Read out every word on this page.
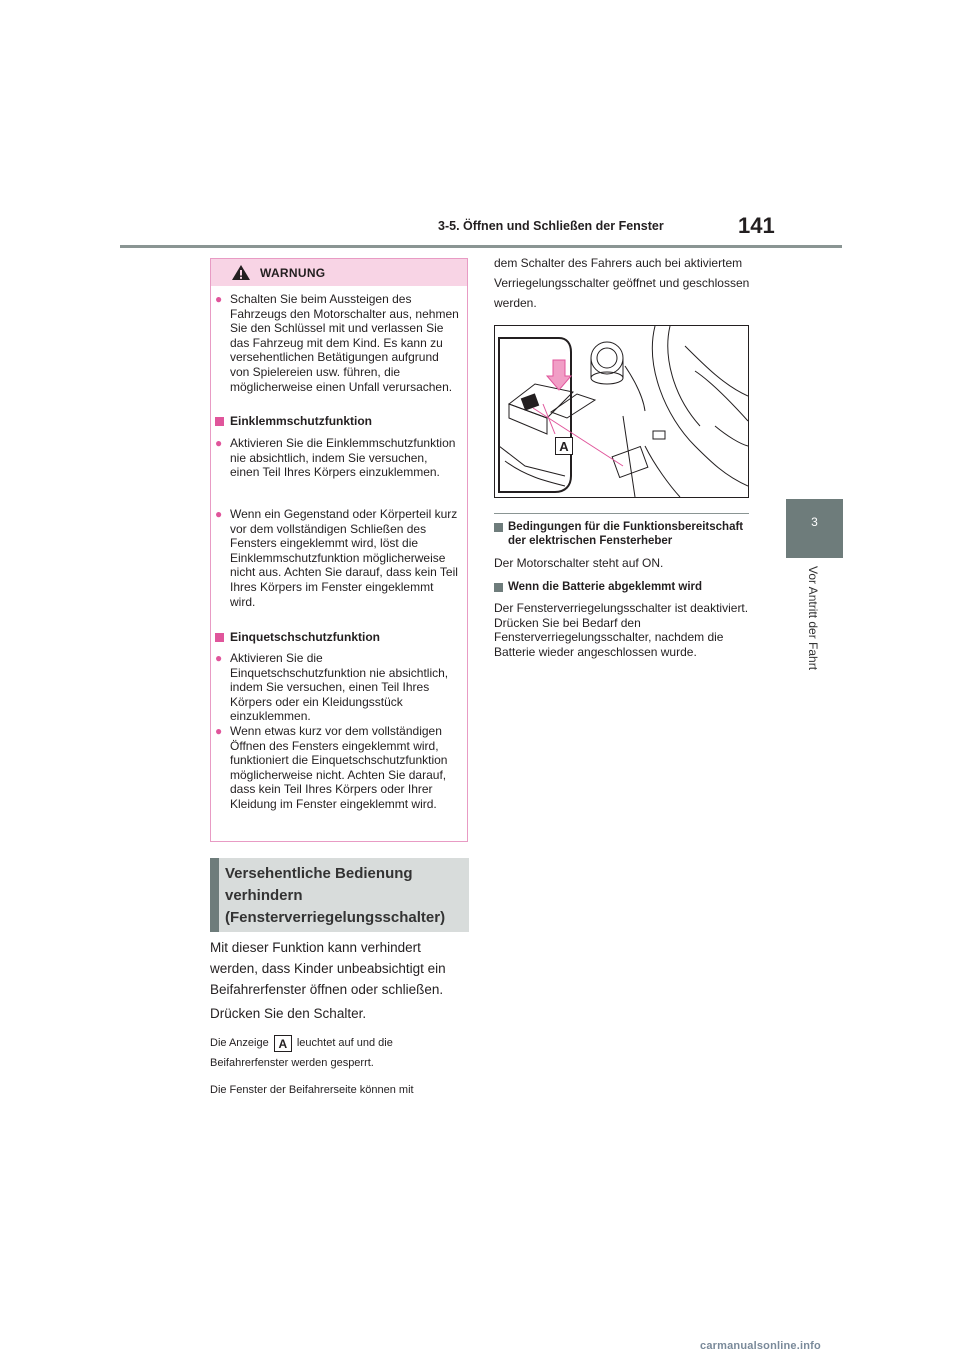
3-5. Öffnen und Schließen der Fenster	141
3
Vor Antritt der Fahrt
WARNUNG
● Schalten Sie beim Aussteigen des Fahrzeugs den Motorschalter aus, nehmen Sie den Schlüssel mit und verlassen Sie das Fahrzeug mit dem Kind. Es kann zu versehentlichen Betätigungen aufgrund von Spielereien usw. führen, die möglicherweise einen Unfall verursachen.
Einklemmschutzfunktion
● Aktivieren Sie die Einklemmschutzfunktion nie absichtlich, indem Sie versuchen, einen Teil Ihres Körpers einzuklemmen.
● Wenn ein Gegenstand oder Körperteil kurz vor dem vollständigen Schließen des Fensters eingeklemmt wird, löst die Einklemmschutzfunktion möglicherweise nicht aus. Achten Sie darauf, dass kein Teil Ihres Körpers im Fenster eingeklemmt wird.
Einquetschschutzfunktion
● Aktivieren Sie die Einquetschschutzfunktion nie absichtlich, indem Sie versuchen, einen Teil Ihres Körpers oder ein Kleidungsstück einzuklemmen.
● Wenn etwas kurz vor dem vollständigen Öffnen des Fensters eingeklemmt wird, funktioniert die Einquetschschutzfunktion möglicherweise nicht. Achten Sie darauf, dass kein Teil Ihres Körpers oder Ihrer Kleidung im Fenster eingeklemmt wird.
Versehentliche Bedienung verhindern (Fensterverriegelungsschalter)
Mit dieser Funktion kann verhindert werden, dass Kinder unbeabsichtigt ein Beifahrerfenster öffnen oder schließen.
Drücken Sie den Schalter.
Die Anzeige A leuchtet auf und die Beifahrerfenster werden gesperrt.
Die Fenster der Beifahrerseite können mit
dem Schalter des Fahrers auch bei aktiviertem Verriegelungsschalter geöffnet und geschlossen werden.
A
Bedingungen für die Funktionsbereitschaft der elektrischen Fensterheber
Der Motorschalter steht auf ON.
Wenn die Batterie abgeklemmt wird
Der Fensterverriegelungsschalter ist deaktiviert. Drücken Sie bei Bedarf den Fensterverriegelungsschalter, nachdem die Batterie wieder angeschlossen wurde.
carmanualsonline.info
